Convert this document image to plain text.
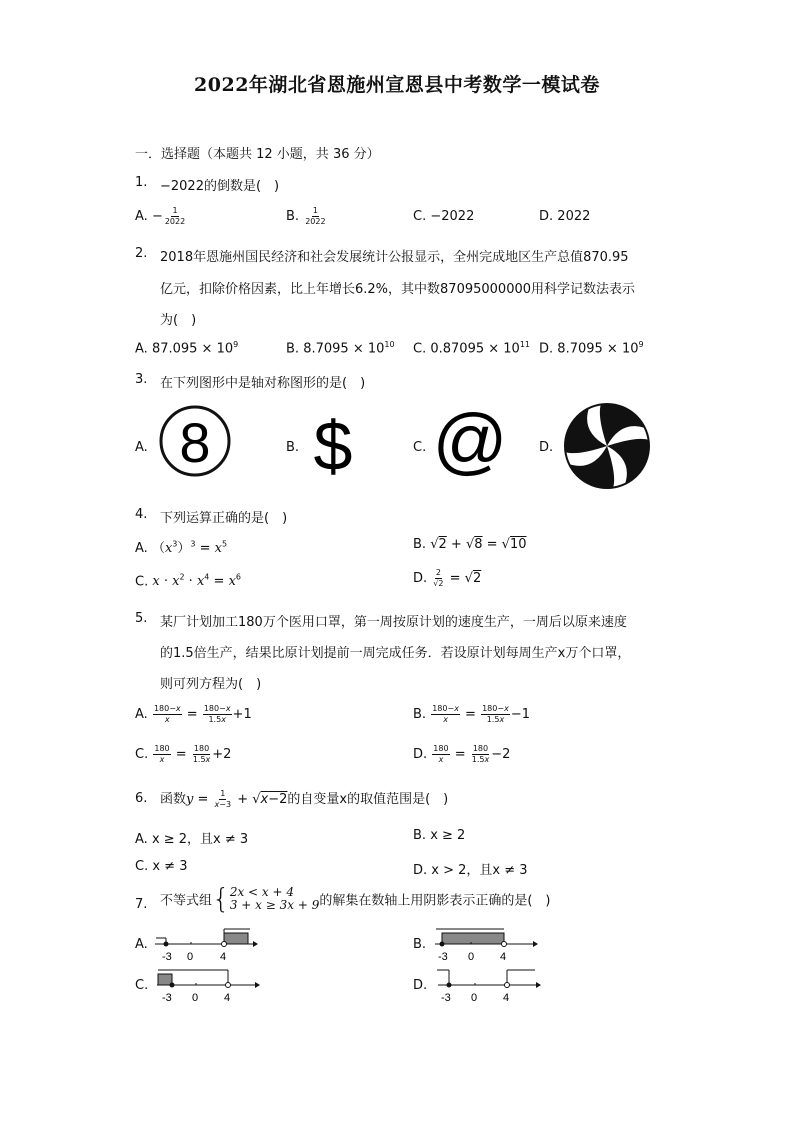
2022年湖北省恩施州宣恩县中考数学一模试卷
一．选择题（本题共 12 小题，共 36 分）
1. −2022的倒数是(　)
A. − $\frac{1}{2022}$	B. $\frac{1}{2022}$	C. −2022	D. 2022
2. 2018年恩施州国民经济和社会发展统计公报显示，全州完成地区生产总值870.95
亿元，扣除价格因素，比上年增长6.2%，其中数87095000000用科学记数法表示
为(　)
A. $87.095 \times 10^9$	B. $8.7095 \times 10^{10}$ C. $0.87095 \times 10^{11}$ D. $8.7095 \times 10^9$
3. 在下列图形中是轴对称图形的是(　)
A. 8	B. $	C. @ D.
4. 下列运算正确的是(　)
A. $(x^3)^3 = x^5$	B. √2 + √8 = √10
C. $x \cdot x^2 \cdot x^4 = x^6$	D. $\frac{2}{√2} = √2$
5. 某厂计划加工180万个医用口罩，第一周按原计划的速度生产，一周后以原来速度
的1.5倍生产，结果比原计划提前一周完成任务．若设原计划每周生产x万个口罩，
则可列方程为(　)
A. $\frac{180-x}{x} = \frac{180-x}{1.5x} +1$	B. $\frac{180-x}{x} = \frac{180-x}{1.5x} -1$
C. $\frac{180}{x} = \frac{180}{1.5x} +2$	D. $\frac{180}{x} = \frac{180}{1.5x} -2$
6. 函数$y = \frac{1}{x-3} + √x-2$的自变量x的取值范围是(　)
A. x ≥ 2，且x ≠ 3	B. x ≥ 2
C. x ≠ 3	D. x > 2，且x ≠ 3
7. 不等式组{ 2x < x + 4
3 + x ≥ 3x + 9 的解集在数轴上用阴影表示正确的是(　)
A.
-3 0 4
B.
-3 0 4
C.
-3 0 4
D.
-3 0 4
